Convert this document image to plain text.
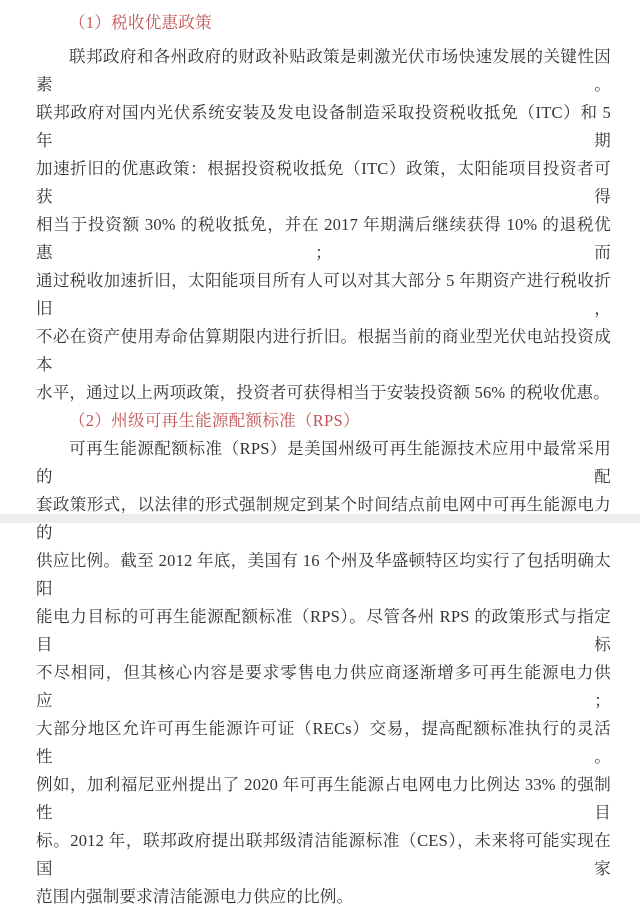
（1）税收优惠政策
联邦政府和各州政府的财政补贴政策是刺激光伏市场快速发展的关键性因素。
联邦政府对国内光伏系统安装及发电设备制造采取投资税收抵免（ITC）和 5 年期
加速折旧的优惠政策：根据投资税收抵免（ITC）政策，太阳能项目投资者可获得
相当于投资额 30% 的税收抵免，并在 2017 年期满后继续获得 10% 的退税优惠；而
通过税收加速折旧，太阳能项目所有人可以对其大部分 5 年期资产进行税收折旧，
不必在资产使用寿命估算期限内进行折旧。根据当前的商业型光伏电站投资成本
水平，通过以上两项政策，投资者可获得相当于安装投资额 56% 的税收优惠。
（2）州级可再生能源配额标准（RPS）
可再生能源配额标准（RPS）是美国州级可再生能源技术应用中最常采用的配
套政策形式，以法律的形式强制规定到某个时间结点前电网中可再生能源电力的
供应比例。截至 2012 年底，美国有 16 个州及华盛顿特区均实行了包括明确太阳
能电力目标的可再生能源配额标准（RPS）。尽管各州 RPS 的政策形式与指定目标
不尽相同，但其核心内容是要求零售电力供应商逐渐增多可再生能源电力供应；
大部分地区允许可再生能源许可证（RECs）交易，提高配额标准执行的灵活性。
例如，加利福尼亚州提出了 2020 年可再生能源占电网电力比例达 33% 的强制性目
标。2012 年，联邦政府提出联邦级清洁能源标准（CES），未来将可能实现在国家
范围内强制要求清洁能源电力供应的比例。
